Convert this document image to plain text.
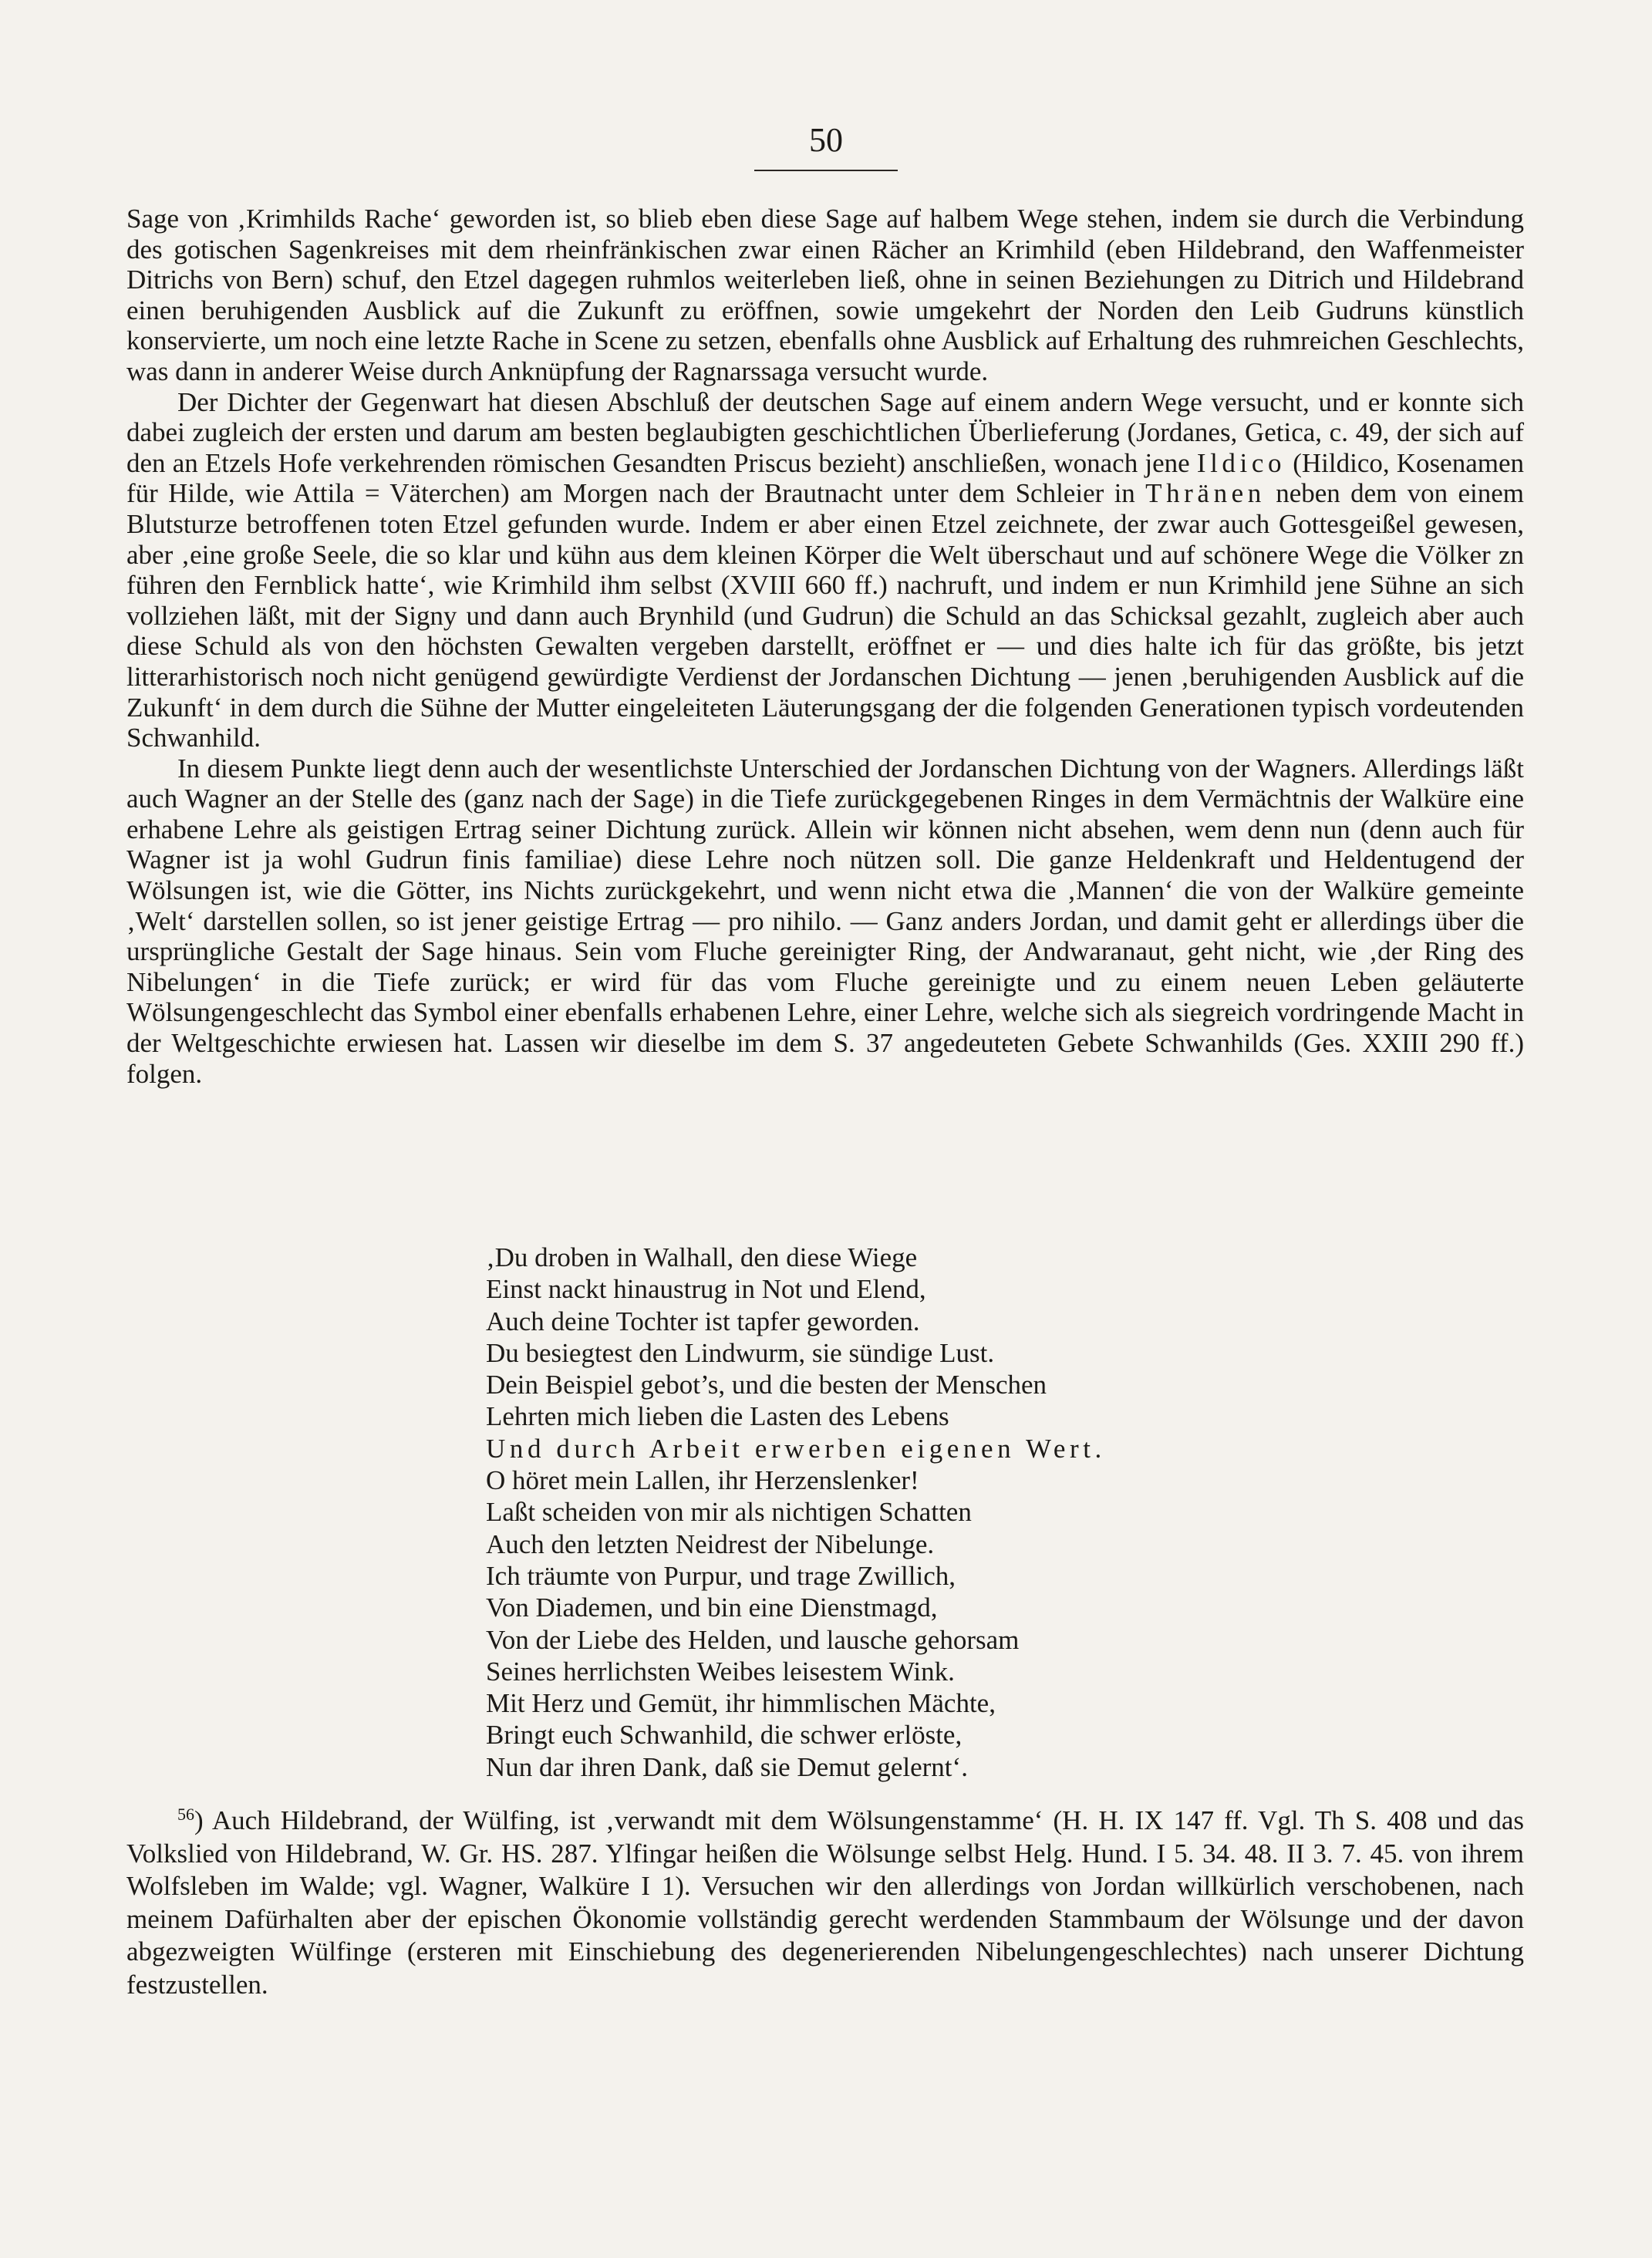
50

Sage von ‚Krimhilds Rache‘ geworden ist, so blieb eben diese Sage auf halbem Wege stehen, indem sie durch die Verbindung des gotischen Sagenkreises mit dem rheinfränkischen zwar einen Rächer an Krimhild (eben Hildebrand, den Waffenmeister Ditrichs von Bern) schuf, den Etzel dagegen ruhmlos weiterleben ließ, ohne in seinen Beziehungen zu Ditrich und Hildebrand einen beruhigenden Ausblick auf die Zukunft zu eröffnen, sowie umgekehrt der Norden den Leib Gudruns künstlich konservierte, um noch eine letzte Rache in Scene zu setzen, ebenfalls ohne Ausblick auf Erhaltung des ruhmreichen Geschlechts, was dann in anderer Weise durch Anknüpfung der Ragnarssaga versucht wurde.

Der Dichter der Gegenwart hat diesen Abschluß der deutschen Sage auf einem andern Wege versucht, und er konnte sich dabei zugleich der ersten und darum am besten beglaubigten geschichtlichen Überlieferung (Jordanes, Getica, c. 49, der sich auf den an Etzels Hofe verkehrenden römischen Gesandten Priscus bezieht) anschließen, wonach jene Ildico (Hildico, Kosenamen für Hilde, wie Attila = Väterchen) am Morgen nach der Brautnacht unter dem Schleier in Thränen neben dem von einem Blutsturze betroffenen toten Etzel gefunden wurde. Indem er aber einen Etzel zeichnete, der zwar auch Gottesgeißel gewesen, aber ‚eine große Seele, die so klar und kühn aus dem kleinen Körper die Welt überschaut und auf schönere Wege die Völker zn führen den Fernblick hatte‘, wie Krimhild ihm selbst (XVIII 660 ff.) nachruft, und indem er nun Krimhild jene Sühne an sich vollziehen läßt, mit der Signy und dann auch Brynhild (und Gudrun) die Schuld an das Schicksal gezahlt, zugleich aber auch diese Schuld als von den höchsten Gewalten vergeben darstellt, eröffnet er — und dies halte ich für das größte, bis jetzt litterarhistorisch noch nicht genügend gewürdigte Verdienst der Jordanschen Dichtung — jenen ‚beruhigenden Ausblick auf die Zukunft‘ in dem durch die Sühne der Mutter eingeleiteten Läuterungsgang der die folgenden Generationen typisch vordeutenden Schwanhild.

In diesem Punkte liegt denn auch der wesentlichste Unterschied der Jordanschen Dichtung von der Wagners. Allerdings läßt auch Wagner an der Stelle des (ganz nach der Sage) in die Tiefe zurückgegebenen Ringes in dem Vermächtnis der Walküre eine erhabene Lehre als geistigen Ertrag seiner Dichtung zurück. Allein wir können nicht absehen, wem denn nun (denn auch für Wagner ist ja wohl Gudrun finis familiae) diese Lehre noch nützen soll. Die ganze Heldenkraft und Heldentugend der Wölsungen ist, wie die Götter, ins Nichts zurückgekehrt, und wenn nicht etwa die ‚Mannen‘ die von der Walküre gemeinte ‚Welt‘ darstellen sollen, so ist jener geistige Ertrag — pro nihilo. — Ganz anders Jordan, und damit geht er allerdings über die ursprüngliche Gestalt der Sage hinaus. Sein vom Fluche gereinigter Ring, der Andwaranaut, geht nicht, wie ‚der Ring des Nibelungen‘ in die Tiefe zurück; er wird für das vom Fluche gereinigte und zu einem neuen Leben geläuterte Wölsungengeschlecht das Symbol einer ebenfalls erhabenen Lehre, einer Lehre, welche sich als siegreich vordringende Macht in der Weltgeschichte erwiesen hat. Lassen wir dieselbe im dem S. 37 angedeuteten Gebete Schwanhilds (Ges. XXIII 290 ff.) folgen.

‚Du droben in Walhall, den diese Wiege
Einst nackt hinaustrug in Not und Elend,
Auch deine Tochter ist tapfer geworden.
Du besiegtest den Lindwurm, sie sündige Lust.
Dein Beispiel gebot’s, und die besten der Menschen
Lehrten mich lieben die Lasten des Lebens
Und durch Arbeit erwerben eigenen Wert.
O höret mein Lallen, ihr Herzenslenker!
Laßt scheiden von mir als nichtigen Schatten
Auch den letzten Neidrest der Nibelunge.
Ich träumte von Purpur, und trage Zwillich,
Von Diademen, und bin eine Dienstmagd,
Von der Liebe des Helden, und lausche gehorsam
Seines herrlichsten Weibes leisestem Wink.
Mit Herz und Gemüt, ihr himmlischen Mächte,
Bringt euch Schwanhild, die schwer erlöste,
Nun dar ihren Dank, daß sie Demut gelernt‘.
$^{56}$) Auch Hildebrand, der Wülfing, ist ‚verwandt mit dem Wölsungenstamme‘ (H. H. IX 147 ff. Vgl. Th S. 408 und das Volkslied von Hildebrand, W. Gr. HS. 287. Ylfingar heißen die Wölsunge selbst Helg. Hund. I 5. 34. 48. II 3. 7. 45. von ihrem Wolfsleben im Walde; vgl. Wagner, Walküre I 1). Versuchen wir den allerdings von Jordan willkürlich verschobenen, nach meinem Dafürhalten aber der epischen Ökonomie vollständig gerecht werdenden Stammbaum der Wölsunge und der davon abgezweigten Wülfinge (ersteren mit Einschiebung des degenerierenden Nibelungengeschlechtes) nach unserer Dichtung festzustellen.
